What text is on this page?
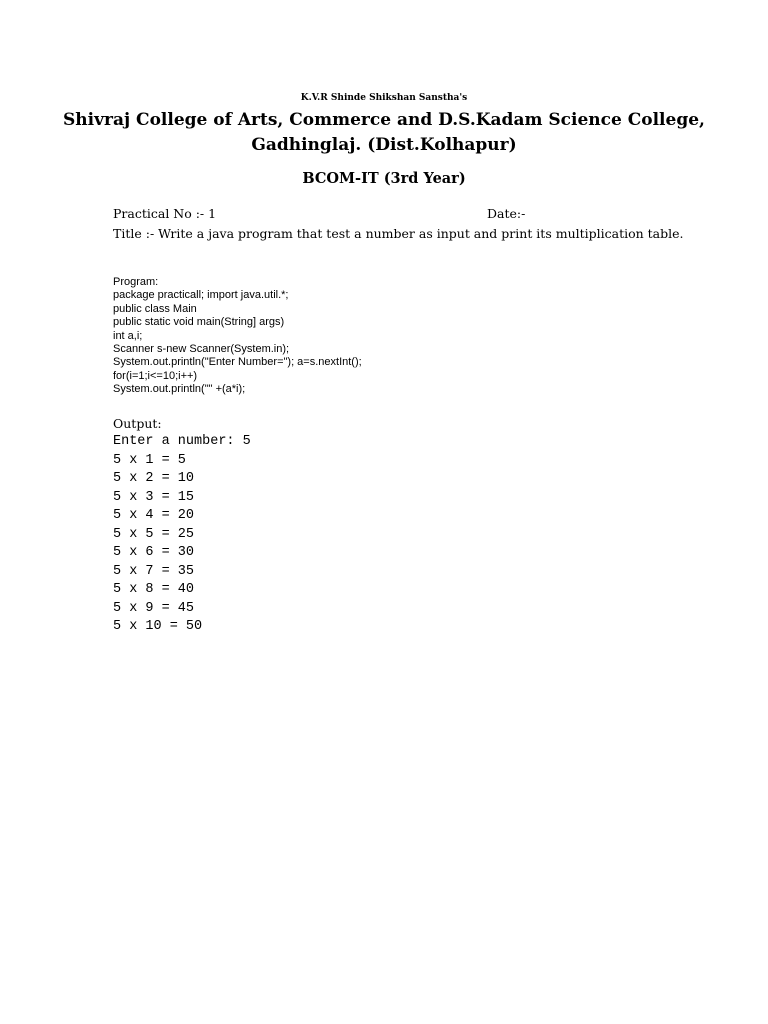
K.V.R Shinde Shikshan Sanstha's
Shivraj College of Arts, Commerce and D.S.Kadam Science College,
Gadhinglaj. (Dist.Kolhapur)
BCOM-IT (3rd Year)
Practical No :- 1	Date:-
Title :- Write a java program that test a number as input and print its multiplication table.
Program:
package practicall; import java.util.*;
public class Main
public static void main(String] args)
int a,i;
Scanner s-new Scanner(System.in);
System.out.println("Enter Number="); a=s.nextInt();
for(i=1;i<=10;i++)
System.out.println("" +(a*i);
Output:
Enter a number: 5
5 x 1 = 5
5 x 2 = 10
5 x 3 = 15
5 x 4 = 20
5 x 5 = 25
5 x 6 = 30
5 x 7 = 35
5 x 8 = 40
5 x 9 = 45
5 x 10 = 50
